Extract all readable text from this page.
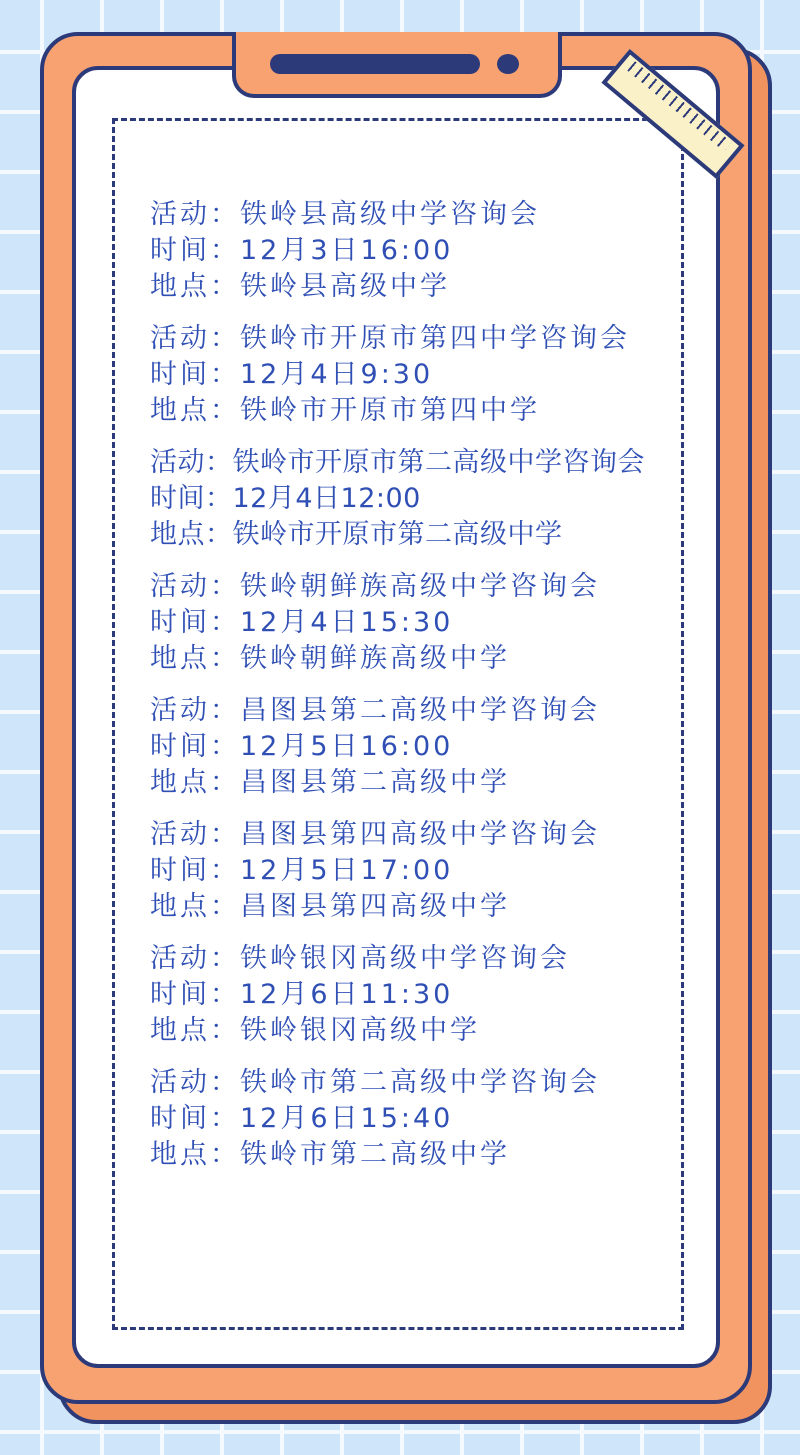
活动：铁岭县高级中学咨询会
时间：12月3日16:00
地点：铁岭县高级中学
活动：铁岭市开原市第四中学咨询会
时间：12月4日9:30
地点：铁岭市开原市第四中学
活动：铁岭市开原市第二高级中学咨询会
时间：12月4日12:00
地点：铁岭市开原市第二高级中学
活动：铁岭朝鲜族高级中学咨询会
时间：12月4日15:30
地点：铁岭朝鲜族高级中学
活动：昌图县第二高级中学咨询会
时间：12月5日16:00
地点：昌图县第二高级中学
活动：昌图县第四高级中学咨询会
时间：12月5日17:00
地点：昌图县第四高级中学
活动：铁岭银冈高级中学咨询会
时间：12月6日11:30
地点：铁岭银冈高级中学
活动：铁岭市第二高级中学咨询会
时间：12月6日15:40
地点：铁岭市第二高级中学
